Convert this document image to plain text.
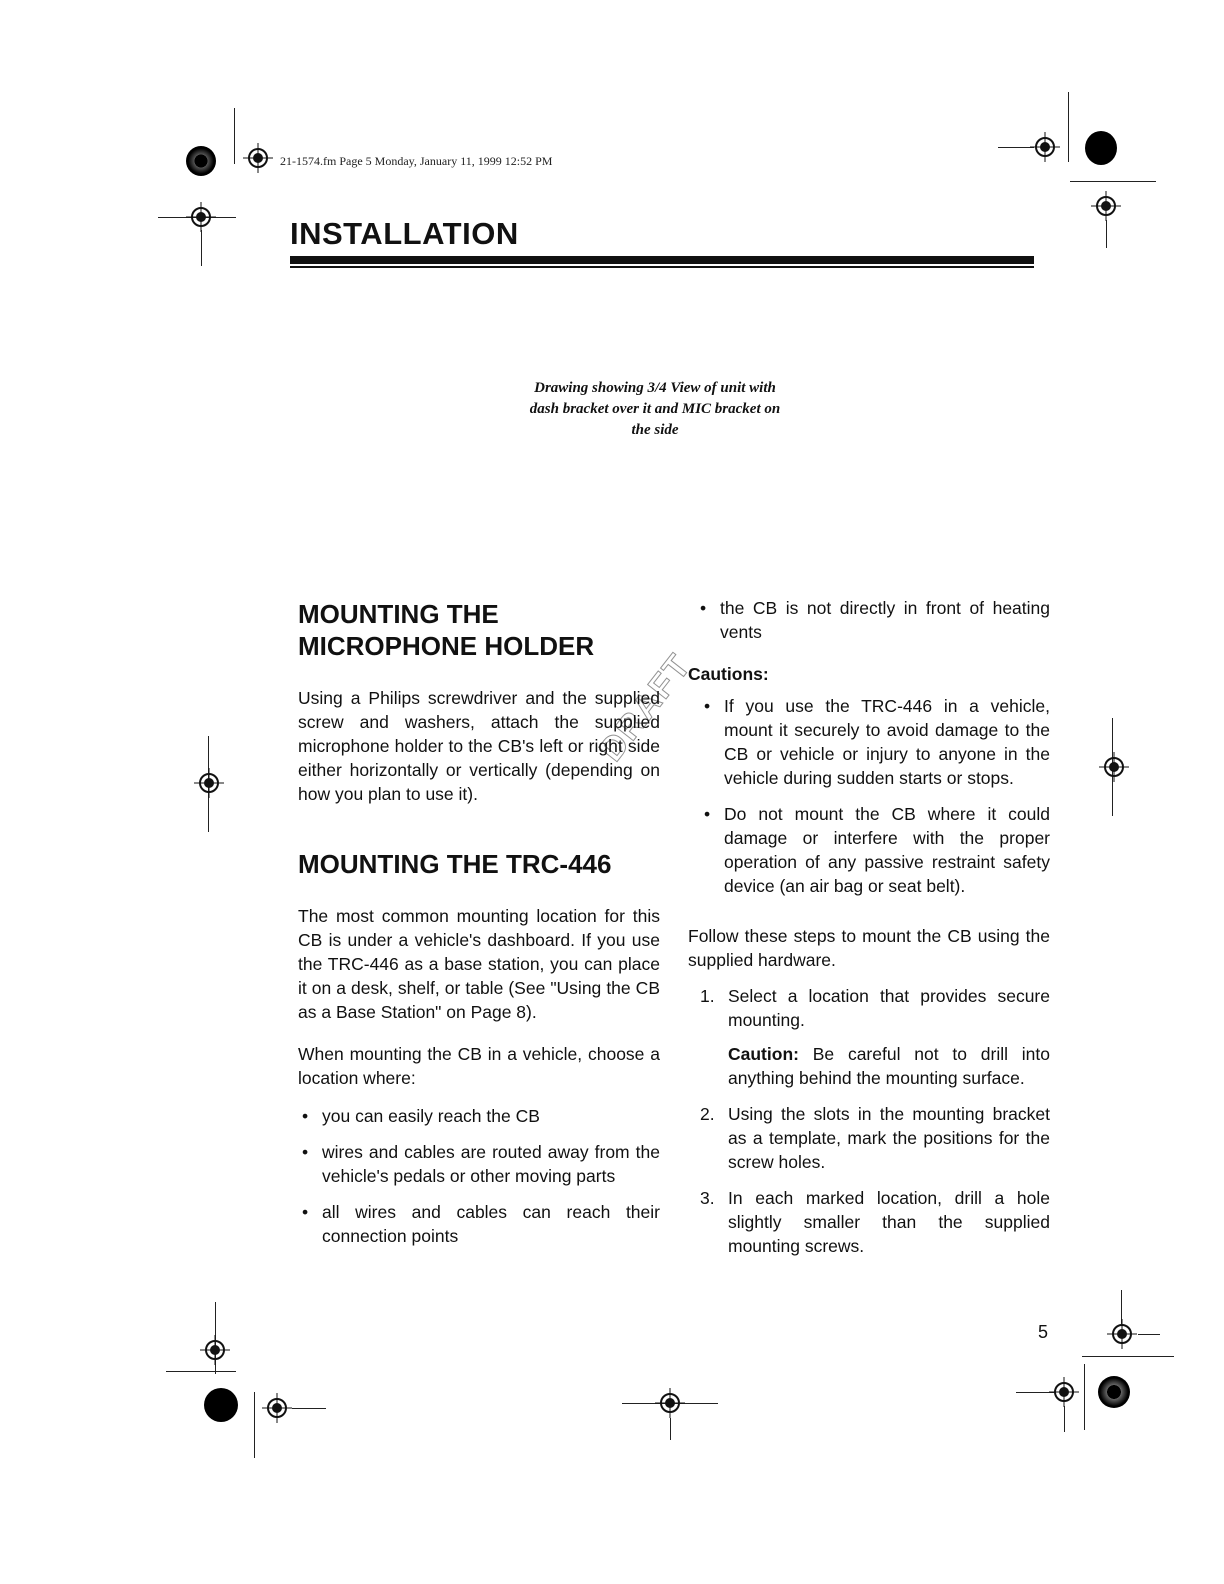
21-1574.fm Page 5 Monday, January 11, 1999 12:52 PM
INSTALLATION
Drawing showing 3/4 View of unit with
dash bracket over it and MIC bracket on
the side
DRAFT
MOUNTING THE
MICROPHONE HOLDER

Using a Philips screwdriver and the supplied screw and washers, attach the supplied microphone holder to the CB's left or right side either horizontally or vertically (depending on how you plan to use it).

MOUNTING THE TRC-446

The most common mounting location for this CB is under a vehicle's dashboard. If you use the TRC-446 as a base station, you can place it on a desk, shelf, or table (See "Using the CB as a Base Station" on Page 8).

When mounting the CB in a vehicle, choose a location where:

• you can easily reach the CB
• wires and cables are routed away from the vehicle's pedals or other moving parts
• all wires and cables can reach their connection points
• the CB is not directly in front of heating vents
Cautions:
• If you use the TRC-446 in a vehicle, mount it securely to avoid damage to the CB or vehicle or injury to anyone in the vehicle during sudden starts or stops.
• Do not mount the CB where it could damage or interfere with the proper operation of any passive restraint safety device (an air bag or seat belt).

Follow these steps to mount the CB using the supplied hardware.

1. Select a location that provides secure mounting.
Caution: Be careful not to drill into anything behind the mounting surface.
2. Using the slots in the mounting bracket as a template, mark the positions for the screw holes.
3. In each marked location, drill a hole slightly smaller than the supplied mounting screws.
5
